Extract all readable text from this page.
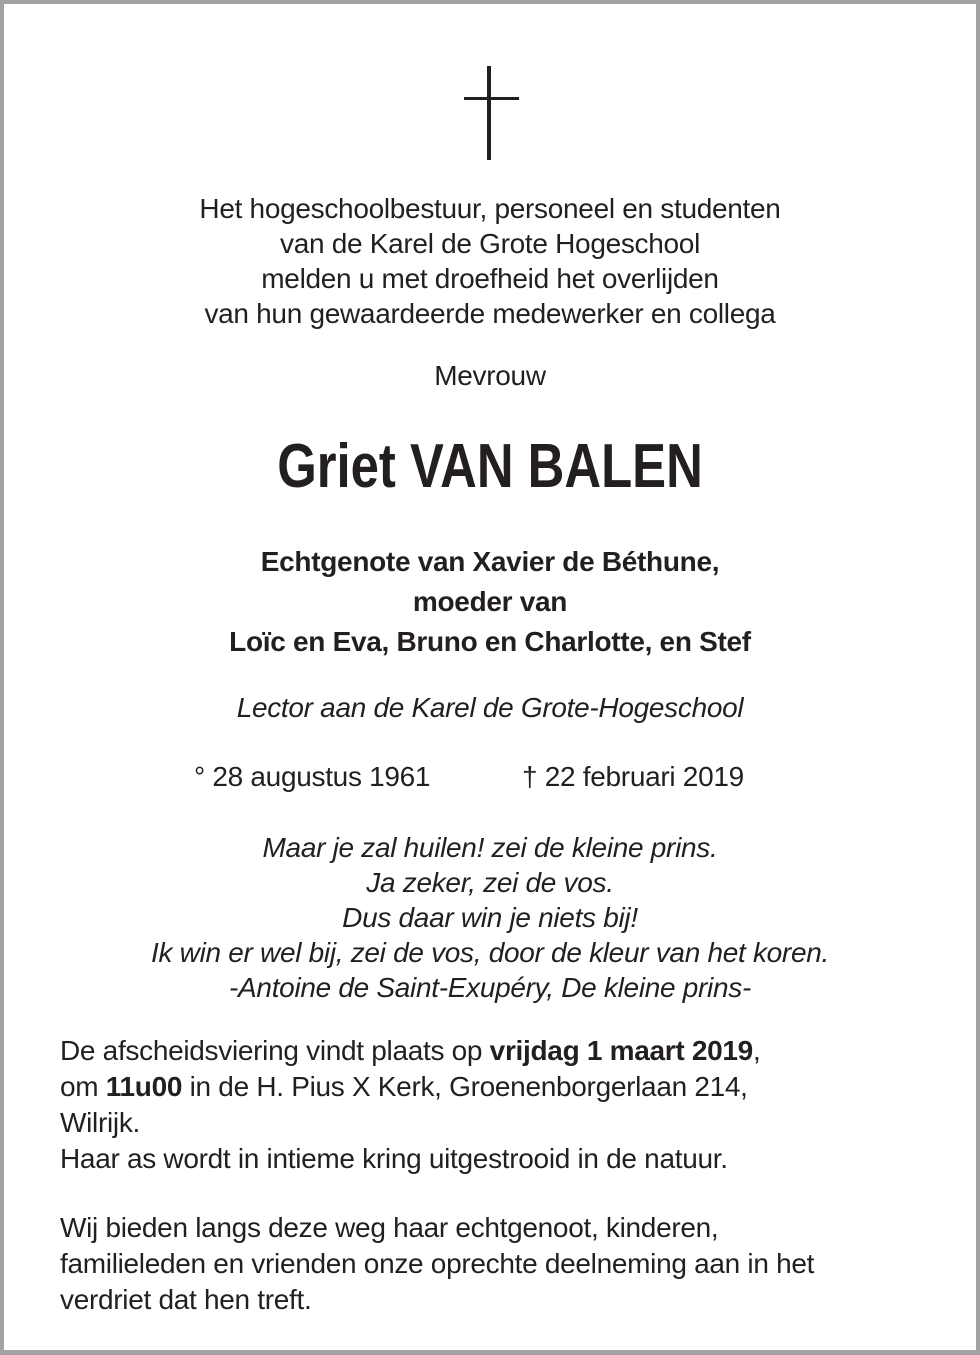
Het hogeschoolbestuur, personeel en studenten
van de Karel de Grote Hogeschool
melden u met droefheid het overlijden
van hun gewaardeerde medewerker en collega
Mevrouw
Griet VAN BALEN
Echtgenote van Xavier de Béthune,
moeder van
Loïc en Eva, Bruno en Charlotte, en Stef
Lector aan de Karel de Grote-Hogeschool
° 28 augustus 1961	† 22 februari 2019
Maar je zal huilen! zei de kleine prins.
Ja zeker, zei de vos.
Dus daar win je niets bij!
Ik win er wel bij, zei de vos, door de kleur van het koren.
-Antoine de Saint-Exupéry, De kleine prins-
De afscheidsviering vindt plaats op vrijdag 1 maart 2019,
om 11u00 in de H. Pius X Kerk, Groenenborgerlaan 214,
Wilrijk.
Haar as wordt in intieme kring uitgestrooid in de natuur.
Wij bieden langs deze weg haar echtgenoot, kinderen,
familieleden en vrienden onze oprechte deelneming aan in het
verdriet dat hen treft.
